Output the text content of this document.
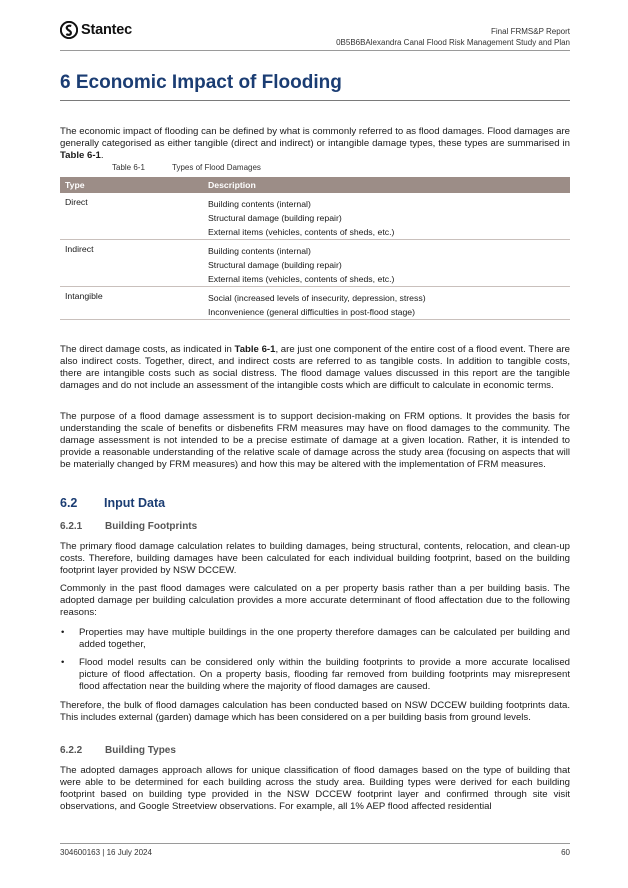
Stantec	Final FRMS&P Report
0B5B6BAlexandra Canal Flood Risk Management Study and Plan
6 Economic Impact of Flooding
The economic impact of flooding can be defined by what is commonly referred to as flood damages. Flood damages are generally categorised as either tangible (direct and indirect) or intangible damage types, these types are summarised in Table 6-1.
Table 6-1	Types of Flood Damages
Type	Description
Direct	Building contents (internal)
Structural damage (building repair)
External items (vehicles, contents of sheds, etc.)
Indirect	Building contents (internal)
Structural damage (building repair)
External items (vehicles, contents of sheds, etc.)
Intangible	Social (increased levels of insecurity, depression, stress)
Inconvenience (general difficulties in post-flood stage)
The direct damage costs, as indicated in Table 6-1, are just one component of the entire cost of a flood event. There are also indirect costs. Together, direct, and indirect costs are referred to as tangible costs. In addition to tangible costs, there are intangible costs such as social distress. The flood damage values discussed in this report are the tangible damages and do not include an assessment of the intangible costs which are difficult to calculate in economic terms.
The purpose of a flood damage assessment is to support decision-making on FRM options. It provides the basis for understanding the scale of benefits or disbenefits FRM measures may have on flood damages to the community. The damage assessment is not intended to be a precise estimate of damage at a given location. Rather, it is intended to provide a reasonable understanding of the relative scale of damage across the study area (focusing on aspects that will be materially changed by FRM measures) and how this may be altered with the implementation of FRM measures.
6.2 Input Data
6.2.1 Building Footprints
The primary flood damage calculation relates to building damages, being structural, contents, relocation, and clean-up costs. Therefore, building damages have been calculated for each individual building footprint, based on the building footprint layer provided by NSW DCCEW.
Commonly in the past flood damages were calculated on a per property basis rather than a per building basis. The adopted damage per building calculation provides a more accurate determinant of flood affectation due to the following reasons:
• Properties may have multiple buildings in the one property therefore damages can be calculated per building and added together,
• Flood model results can be considered only within the building footprints to provide a more accurate localised picture of flood affectation. On a property basis, flooding far removed from building footprints may misrepresent flood affectation near the building where the majority of flood damages are caused.
Therefore, the bulk of flood damages calculation has been conducted based on NSW DCCEW building footprints data. This includes external (garden) damage which has been considered on a per building basis from ground levels.
6.2.2 Building Types
The adopted damages approach allows for unique classification of flood damages based on the type of building that were able to be determined for each building across the study area. Building types were derived for each building footprint based on building type provided in the NSW DCCEW footprint layer and confirmed through site visit observations, and Google Streetview observations. For example, all 1% AEP flood affected residential
304600163 | 16 July 2024	60
